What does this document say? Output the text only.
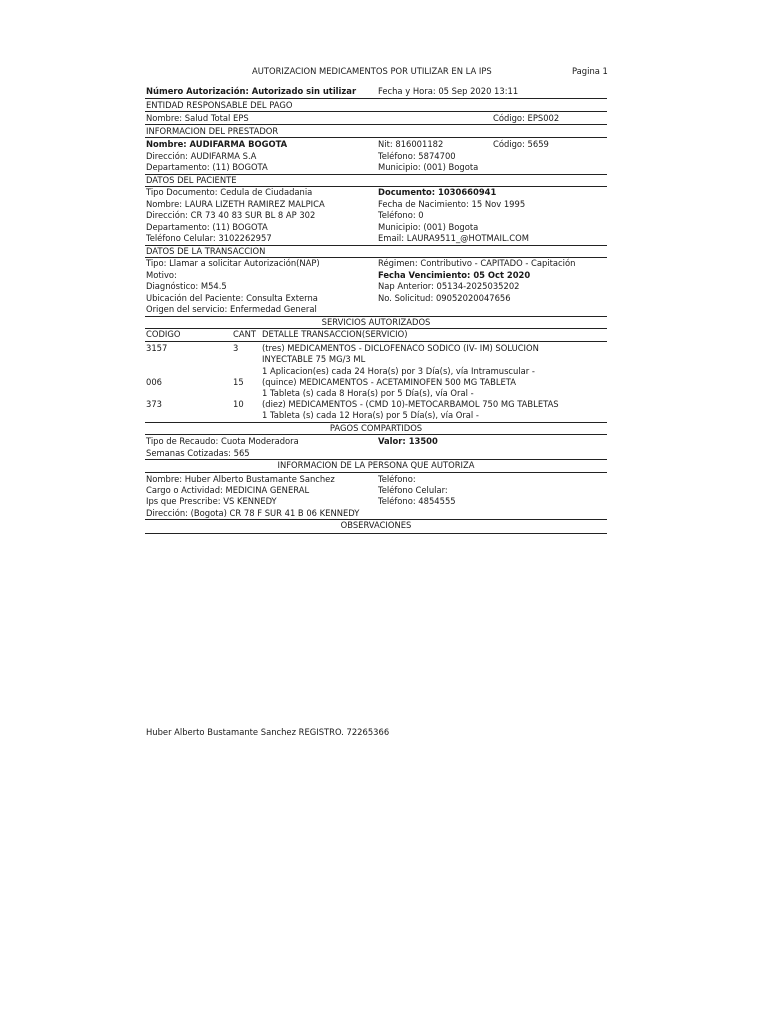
AUTORIZACION MEDICAMENTOS POR UTILIZAR EN LA IPS	Pagina 1
Número Autorización: Autorizado sin utilizar	Fecha y Hora: 05 Sep 2020 13:11
ENTIDAD RESPONSABLE DEL PAGO
Nombre: Salud Total EPS	Código: EPS002
INFORMACION DEL PRESTADOR
Nombre: AUDIFARMA BOGOTA	Nit: 816001182	Código: 5659
Dirección: AUDIFARMA S.A	Teléfono: 5874700
Departamento: (11) BOGOTA	Municipio: (001) Bogota
DATOS DEL PACIENTE
Tipo Documento: Cedula de Ciudadania	Documento: 1030660941
Nombre: LAURA LIZETH RAMIREZ MALPICA	Fecha de Nacimiento: 15 Nov 1995
Dirección: CR 73 40 83 SUR BL 8 AP 302	Teléfono: 0
Departamento: (11) BOGOTA	Municipio: (001) Bogota
Teléfono Celular: 3102262957	Email: LAURA9511_@HOTMAIL.COM
DATOS DE LA TRANSACCION
Tipo: Llamar a solicitar Autorización(NAP)	Régimen: Contributivo - CAPITADO - Capitación
Motivo:	Fecha Vencimiento: 05 Oct 2020
Diagnóstico: M54.5	Nap Anterior: 05134-2025035202
Ubicación del Paciente: Consulta Externa	No. Solicitud: 09052020047656
Origen del servicio: Enfermedad General
SERVICIOS AUTORIZADOS
CODIGO	CANT DETALLE TRANSACCION(SERVICIO)
3157	3	(tres) MEDICAMENTOS - DICLOFENACO SODICO (IV- IM) SOLUCION
INYECTABLE 75 MG/3 ML
1 Aplicacion(es) cada 24 Hora(s) por 3 Día(s), vía Intramuscular -
006	15 (quince) MEDICAMENTOS - ACETAMINOFEN 500 MG TABLETA
1 Tableta (s) cada 8 Hora(s) por 5 Día(s), vía Oral -
373	10 (diez) MEDICAMENTOS - (CMD 10)-METOCARBAMOL 750 MG TABLETAS
1 Tableta (s) cada 12 Hora(s) por 5 Día(s), vía Oral -
PAGOS COMPARTIDOS
Tipo de Recaudo: Cuota Moderadora	Valor: 13500
Semanas Cotizadas: 565
INFORMACION DE LA PERSONA QUE AUTORIZA
Nombre: Huber Alberto Bustamante Sanchez	Teléfono:
Cargo o Actividad: MEDICINA GENERAL	Teléfono Celular:
Ips que Prescribe: VS KENNEDY	Teléfono: 4854555
Dirección: (Bogota) CR 78 F SUR 41 B 06 KENNEDY
OBSERVACIONES
Huber Alberto Bustamante Sanchez REGISTRO. 72265366
